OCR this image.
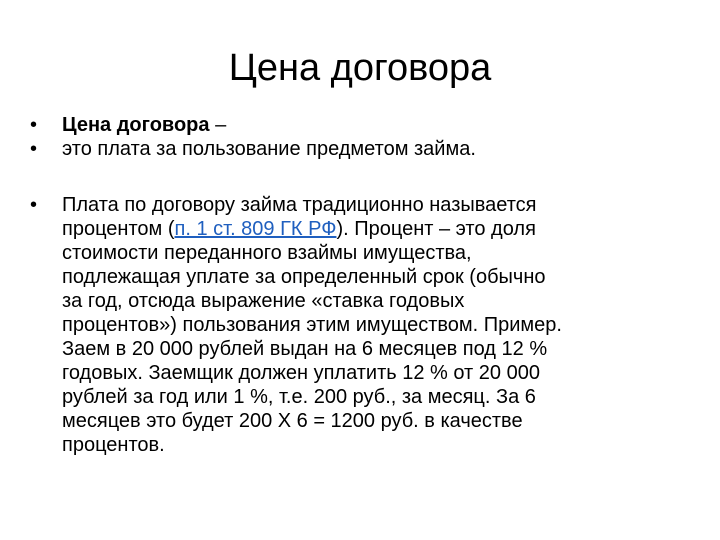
Цена договора
• Цена договора –
• это плата за пользование предметом займа.
• Плата по договору займа традиционно называется
процентом (п. 1 ст. 809 ГК РФ). Процент – это доля
стоимости переданного взаймы имущества,
подлежащая уплате за определенный срок (обычно
за год, отсюда выражение «ставка годовых
процентов») пользования этим имуществом. Пример.
Заем в 20 000 рублей выдан на 6 месяцев под 12 %
годовых. Заемщик должен уплатить 12 % от 20 000
рублей за год или 1 %, т.е. 200 руб., за месяц. За 6
месяцев это будет 200 Х 6 = 1200 руб. в качестве
процентов.
